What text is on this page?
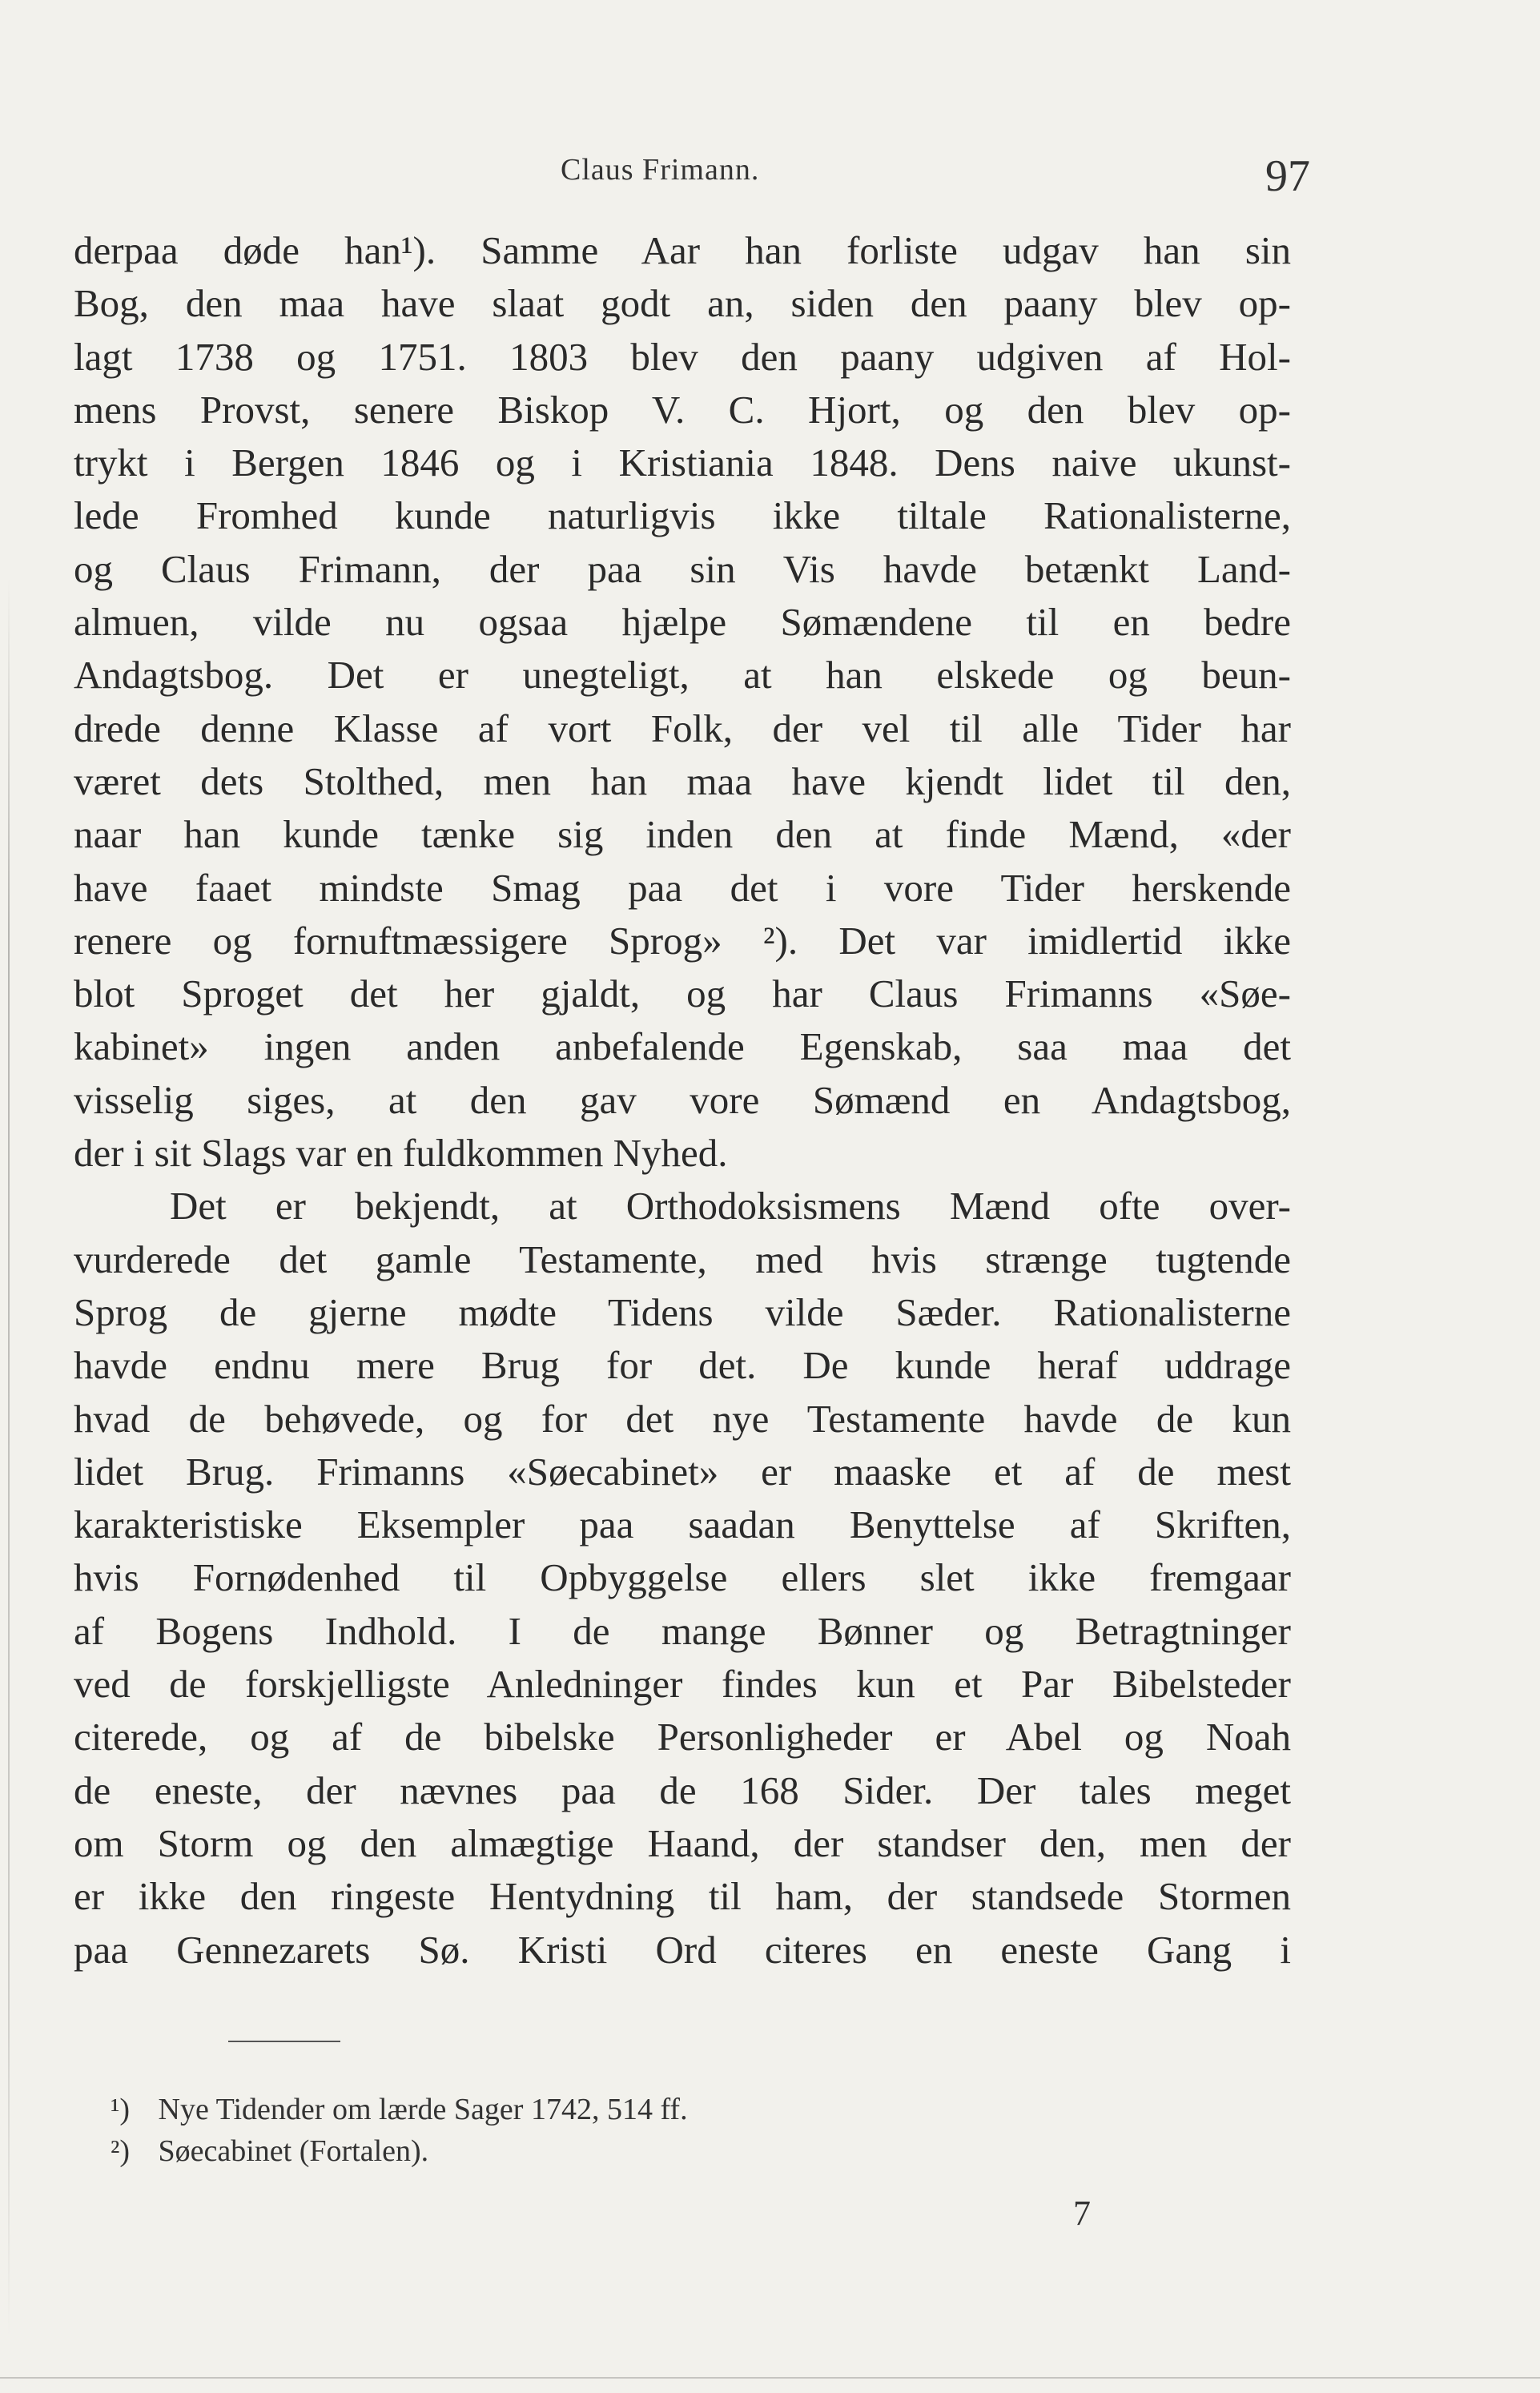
Claus Frimann.	97
derpaa døde han¹). Samme Aar han forliste udgav han sin
Bog, den maa have slaat godt an, siden den paany blev op-
lagt 1738 og 1751. 1803 blev den paany udgiven af Hol-
mens Provst, senere Biskop V. C. Hjort, og den blev op-
trykt i Bergen 1846 og i Kristiania 1848. Dens naive ukunst-
lede Fromhed kunde naturligvis ikke tiltale Rationalisterne,
og Claus Frimann, der paa sin Vis havde betænkt Land-
almuen, vilde nu ogsaa hjælpe Sømændene til en bedre
Andagtsbog. Det er unegteligt, at han elskede og beun-
drede denne Klasse af vort Folk, der vel til alle Tider har
været dets Stolthed, men han maa have kjendt lidet til den,
naar han kunde tænke sig inden den at finde Mænd, «der
have faaet mindste Smag paa det i vore Tider herskende
renere og fornuftmæssigere Sprog» ²). Det var imidlertid ikke
blot Sproget det her gjaldt, og har Claus Frimanns «Søe-
kabinet» ingen anden anbefalende Egenskab, saa maa det
visselig siges, at den gav vore Sømænd en Andagtsbog,
der i sit Slags var en fuldkommen Nyhed.
Det er bekjendt, at Orthodoksismens Mænd ofte over-
vurderede det gamle Testamente, med hvis strænge tugtende
Sprog de gjerne mødte Tidens vilde Sæder. Rationalisterne
havde endnu mere Brug for det. De kunde heraf uddrage
hvad de behøvede, og for det nye Testamente havde de kun
lidet Brug. Frimanns «Søecabinet» er maaske et af de mest
karakteristiske Eksempler paa saadan Benyttelse af Skriften,
hvis Fornødenhed til Opbyggelse ellers slet ikke fremgaar
af Bogens Indhold. I de mange Bønner og Betragtninger
ved de forskjelligste Anledninger findes kun et Par Bibelsteder
citerede, og af de bibelske Personligheder er Abel og Noah
de eneste, der nævnes paa de 168 Sider. Der tales meget
om Storm og den almægtige Haand, der standser den, men der
er ikke den ringeste Hentydning til ham, der standsede Stormen
paa Gennezarets Sø. Kristi Ord citeres en eneste Gang i
¹) Nye Tidender om lærde Sager 1742, 514 ff.
²) Søecabinet (Fortalen).
7
